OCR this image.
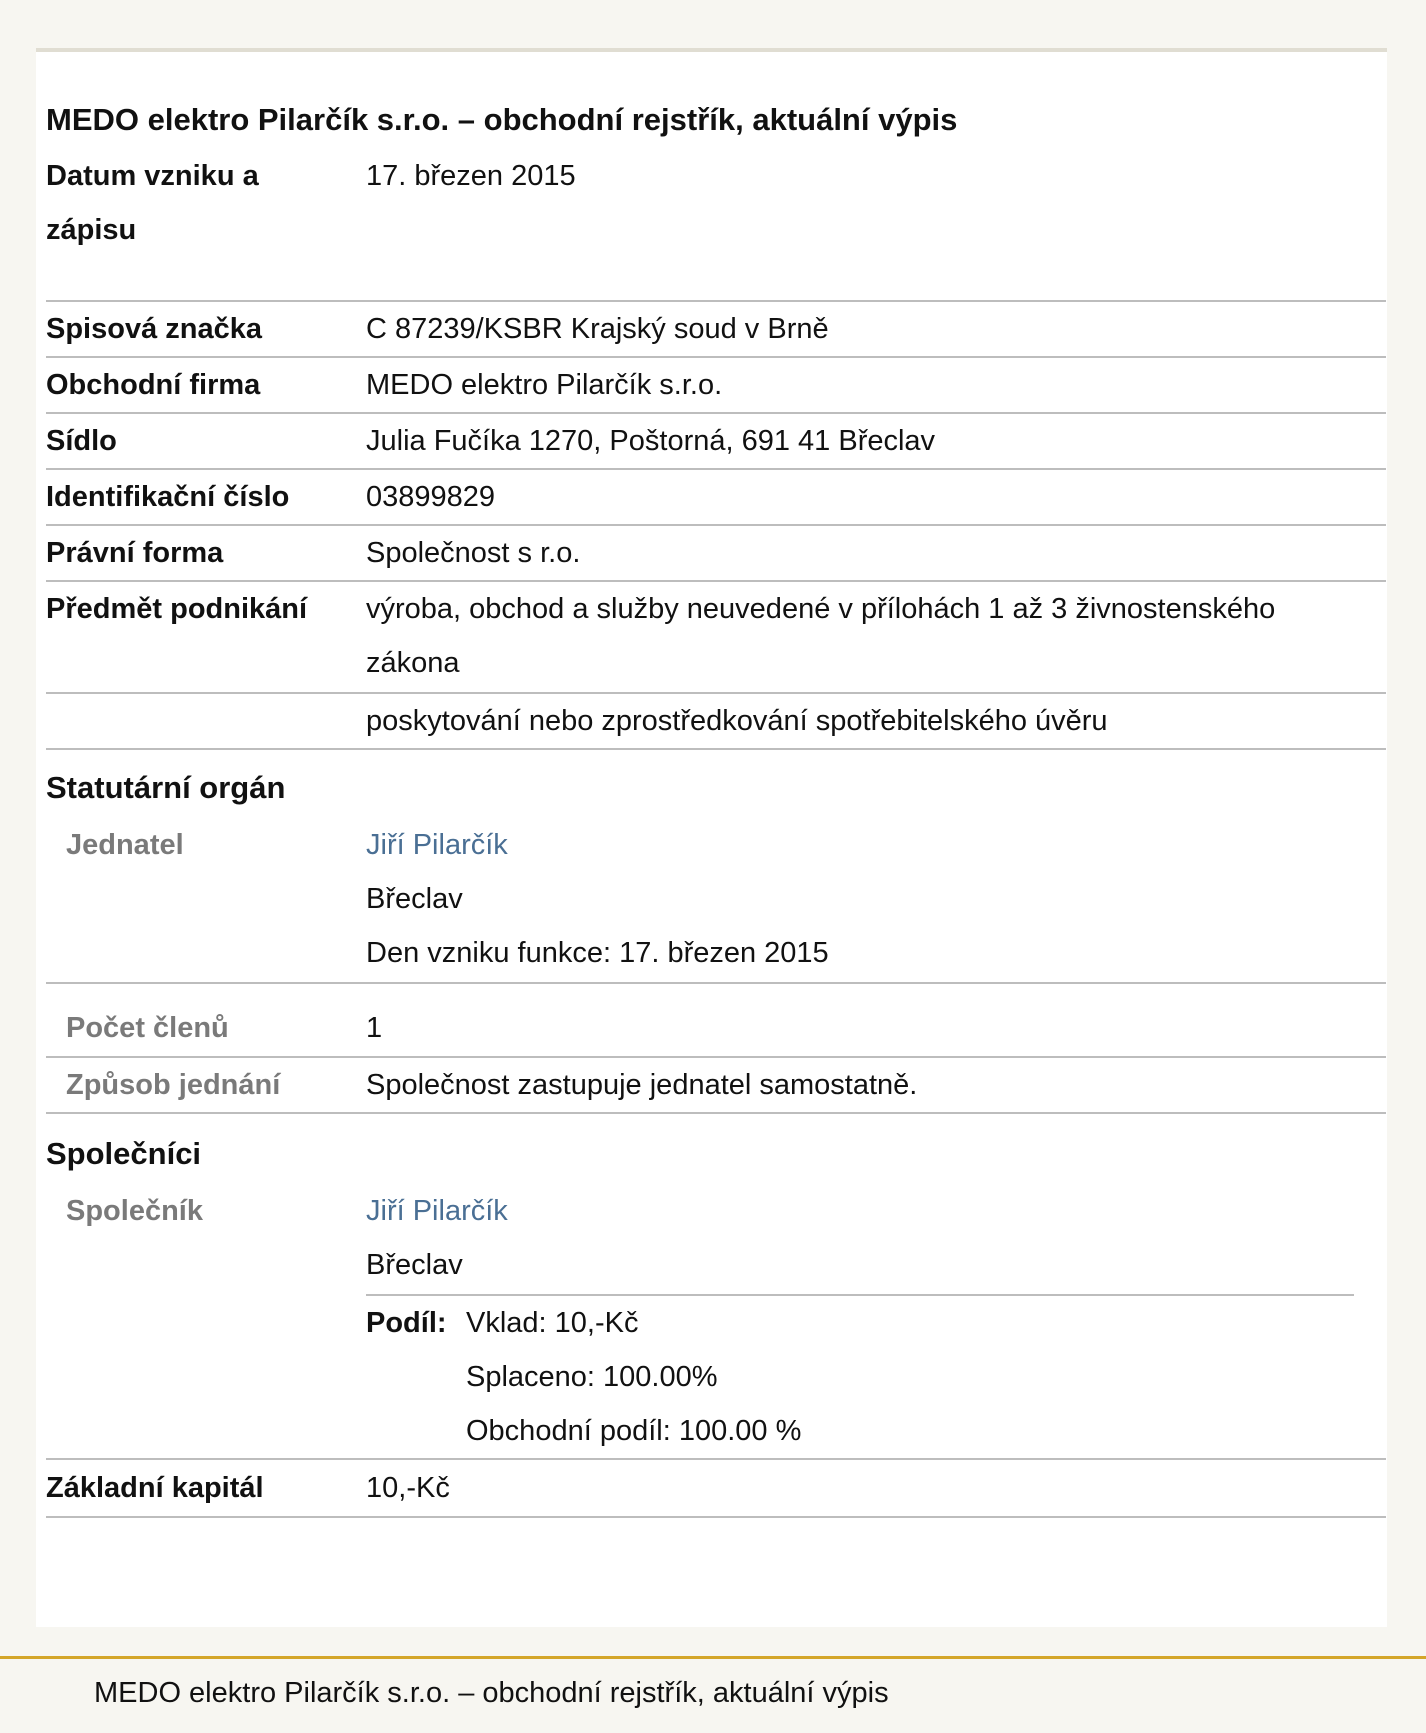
MEDO elektro Pilarčík s.r.o. – obchodní rejstřík, aktuální výpis
Datum vzniku a
zápisu
17. březen 2015
Spisová značka	C 87239/KSBR Krajský soud v Brně
Obchodní firma	MEDO elektro Pilarčík s.r.o.
Sídlo	Julia Fučíka 1270, Poštorná, 691 41 Břeclav
Identifikační číslo	03899829
Právní forma	Společnost s r.o.
Předmět podnikání	výroba, obchod a služby neuvedené v přílohách 1 až 3 živnostenského
zákona
poskytování nebo zprostředkování spotřebitelského úvěru
Statutární orgán
Jednatel	Jiří Pilarčík
Břeclav
Den vzniku funkce: 17. březen 2015
Počet členů	1
Způsob jednání	Společnost zastupuje jednatel samostatně.
Společníci
Společník	Jiří Pilarčík
Břeclav
Podíl: Vklad: 10,-Kč
Splaceno: 100.00%
Obchodní podíl: 100.00 %
Základní kapitál	10,-Kč
MEDO elektro Pilarčík s.r.o. – obchodní rejstřík, aktuální výpis
